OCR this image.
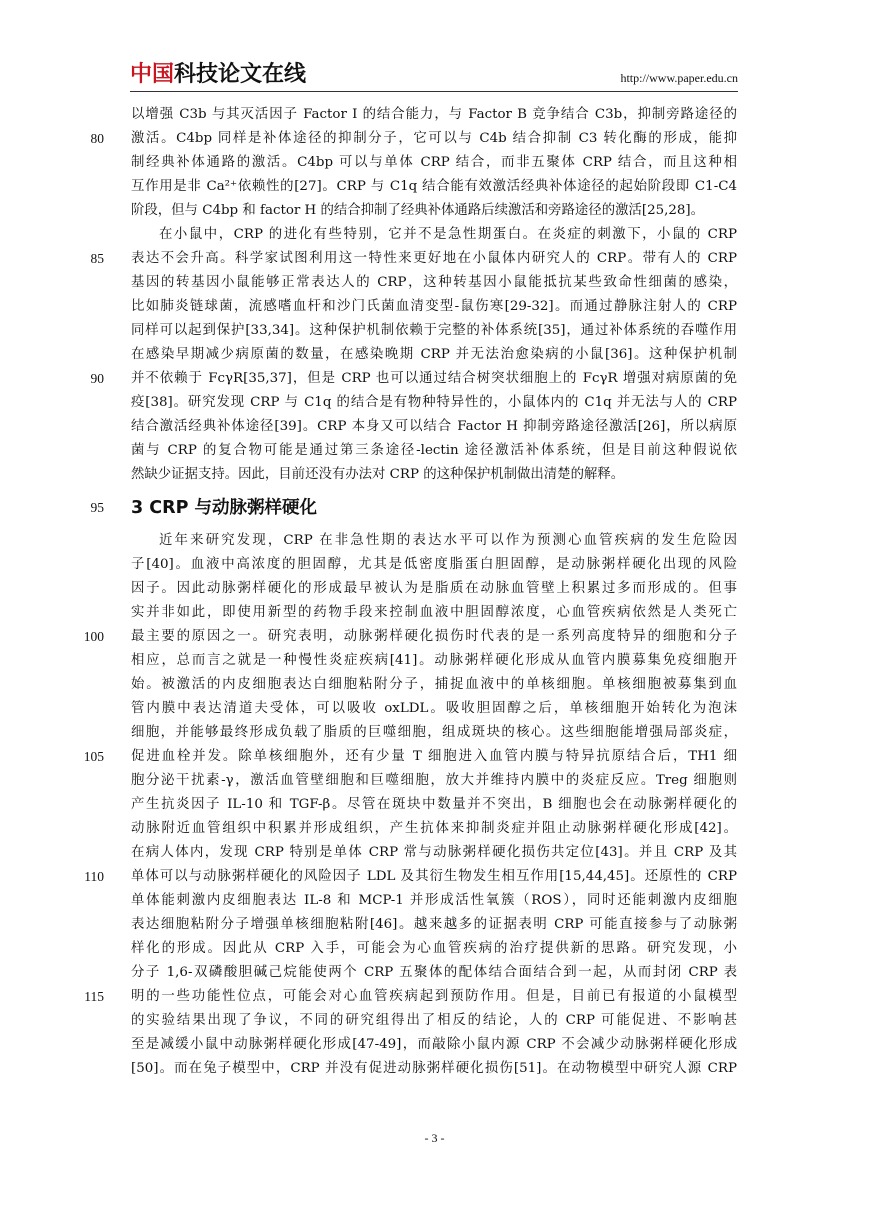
中国科技论文在线	http://www.paper.edu.cn
以增强 C3b 与其灭活因子 Factor I 的结合能力，与 Factor B 竞争结合 C3b，抑制旁路途径的
80 激活。C4bp 同样是补体途径的抑制分子，它可以与 C4b 结合抑制 C3 转化酶的形成，能抑
制经典补体通路的激活。C4bp 可以与单体 CRP 结合，而非五聚体 CRP 结合，而且这种相
互作用是非 Ca²⁺依赖性的[27]。CRP 与 C1q 结合能有效激活经典补体途径的起始阶段即 C1-C4
阶段，但与 C4bp 和 factor H 的结合抑制了经典补体通路后续激活和旁路途径的激活[25,28]。
在小鼠中，CRP 的进化有些特别，它并不是急性期蛋白。在炎症的刺激下，小鼠的 CRP
85 表达不会升高。科学家试图利用这一特性来更好地在小鼠体内研究人的 CRP。带有人的 CRP
基因的转基因小鼠能够正常表达人的 CRP，这种转基因小鼠能抵抗某些致命性细菌的感染，
比如肺炎链球菌，流感嗜血杆和沙门氏菌血清变型-鼠伤寒[29-32]。而通过静脉注射人的 CRP
同样可以起到保护[33,34]。这种保护机制依赖于完整的补体系统[35]，通过补体系统的吞噬作用
在感染早期减少病原菌的数量，在感染晚期 CRP 并无法治愈染病的小鼠[36]。这种保护机制
90 并不依赖于 FcγR[35,37]，但是 CRP 也可以通过结合树突状细胞上的 FcγR 增强对病原菌的免
疫[38]。研究发现 CRP 与 C1q 的结合是有物种特异性的，小鼠体内的 C1q 并无法与人的 CRP
结合激活经典补体途径[39]。CRP 本身又可以结合 Factor H 抑制旁路途径激活[26]，所以病原
菌与 CRP 的复合物可能是通过第三条途径-lectin 途径激活补体系统，但是目前这种假说依
然缺少证据支持。因此，目前还没有办法对 CRP 的这种保护机制做出清楚的解释。
95 3 CRP 与动脉粥样硬化
近年来研究发现，CRP 在非急性期的表达水平可以作为预测心血管疾病的发生危险因
子[40]。血液中高浓度的胆固醇，尤其是低密度脂蛋白胆固醇，是动脉粥样硬化出现的风险
因子。因此动脉粥样硬化的形成最早被认为是脂质在动脉血管壁上积累过多而形成的。但事
实并非如此，即使用新型的药物手段来控制血液中胆固醇浓度，心血管疾病依然是人类死亡
100 最主要的原因之一。研究表明，动脉粥样硬化损伤时代表的是一系列高度特异的细胞和分子
相应，总而言之就是一种慢性炎症疾病[41]。动脉粥样硬化形成从血管内膜募集免疫细胞开
始。被激活的内皮细胞表达白细胞粘附分子，捕捉血液中的单核细胞。单核细胞被募集到血
管内膜中表达清道夫受体，可以吸收 oxLDL。吸收胆固醇之后，单核细胞开始转化为泡沫
细胞，并能够最终形成负载了脂质的巨噬细胞，组成斑块的核心。这些细胞能增强局部炎症，
105 促进血栓并发。除单核细胞外，还有少量 T 细胞进入血管内膜与特异抗原结合后，TH1 细
胞分泌干扰素-γ，激活血管壁细胞和巨噬细胞，放大并维持内膜中的炎症反应。Treg 细胞则
产生抗炎因子 IL-10 和 TGF-β。尽管在斑块中数量并不突出，B 细胞也会在动脉粥样硬化的
动脉附近血管组织中积累并形成组织，产生抗体来抑制炎症并阻止动脉粥样硬化形成[42]。
在病人体内，发现 CRP 特别是单体 CRP 常与动脉粥样硬化损伤共定位[43]。并且 CRP 及其
110 单体可以与动脉粥样硬化的风险因子 LDL 及其衍生物发生相互作用[15,44,45]。还原性的 CRP
单体能刺激内皮细胞表达 IL-8 和 MCP-1 并形成活性氧簇（ROS），同时还能刺激内皮细胞
表达细胞粘附分子增强单核细胞粘附[46]。越来越多的证据表明 CRP 可能直接参与了动脉粥
样化的形成。因此从 CRP 入手，可能会为心血管疾病的治疗提供新的思路。研究发现，小
分子 1,6-双磷酸胆碱己烷能使两个 CRP 五聚体的配体结合面结合到一起，从而封闭 CRP 表
115 明的一些功能性位点，可能会对心血管疾病起到预防作用。但是，目前已有报道的小鼠模型
的实验结果出现了争议，不同的研究组得出了相反的结论，人的 CRP 可能促进、不影响甚
至是减缓小鼠中动脉粥样硬化形成[47-49]，而敲除小鼠内源 CRP 不会减少动脉粥样硬化形成
[50]。而在兔子模型中，CRP 并没有促进动脉粥样硬化损伤[51]。在动物模型中研究人源 CRP
- 3 -
